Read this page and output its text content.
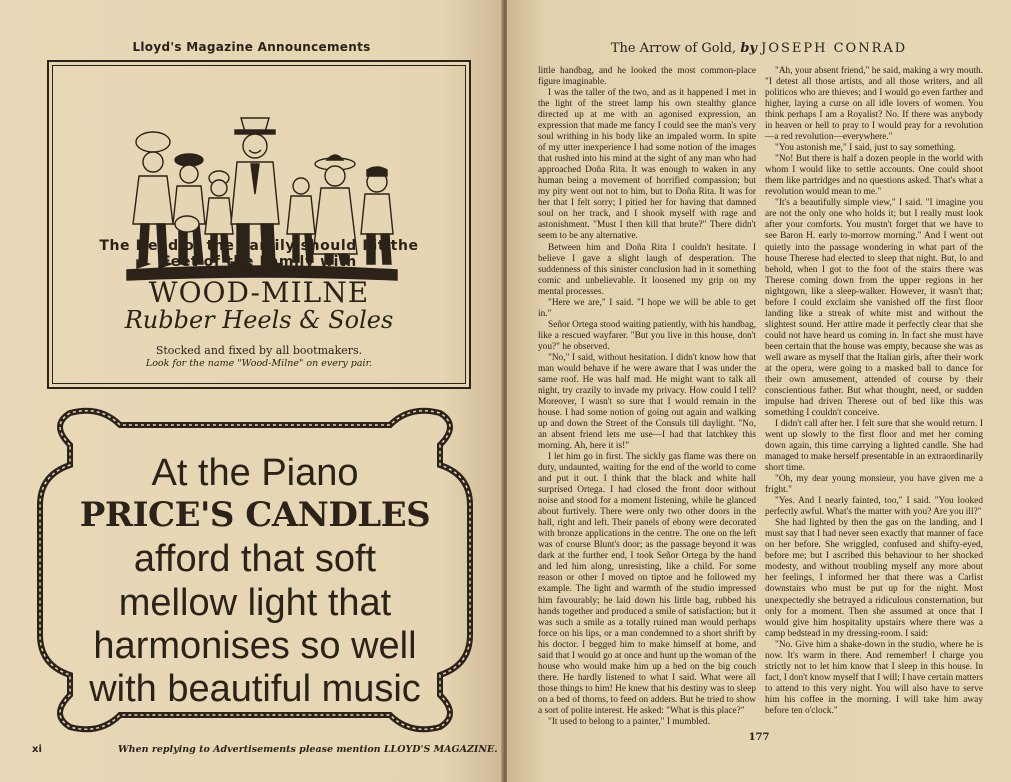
Lloyd's Magazine Announcements
The Head of the Family should Fit the
Feet of the Family with
WOOD-MILNE
Rubber Heels & Soles
Stocked and fixed by all bootmakers.
Look for the name "Wood-Milne" on every pair.
At the Piano
PRICE'S CANDLES
afford that soft
mellow light that
harmonises so well
with beautiful music
xi	When replying to Advertisements please mention LLOYD'S MAGAZINE.
The Arrow of Gold, by JOSEPH CONRAD

little handbag, and he looked the most common-place figure imaginable.

I was the taller of the two, and as it happened I met in the light of the street lamp his own stealthy glance directed up at me with an agonised expression, an expression that made me fancy I could see the man's very soul writhing in his body like an impaled worm. In spite of my utter inexperience I had some notion of the images that rushed into his mind at the sight of any man who had approached Doña Rita. It was enough to waken in any human being a movement of horrified compassion; but my pity went out not to him, but to Doña Rita. It was for her that I felt sorry; I pitied her for having that damned soul on her track, and I shook myself with rage and astonishment. "Must I then kill that brute?" There didn't seem to be any alternative.

Between him and Doña Rita I couldn't hesitate. I believe I gave a slight laugh of desperation. The suddenness of this sinister conclusion had in it something comic and unbelievable. It loosened my grip on my mental processes.

"Here we are," I said. "I hope we will be able to get in."

Señor Ortega stood waiting patiently, with his handbag, like a rescued wayfarer. "But you live in this house, don't you?" he observed.

"No," I said, without hesitation. I didn't know how that man would behave if he were aware that I was under the same roof. He was half mad. He might want to talk all night, try crazily to invade my privacy. How could I tell? Moreover, I wasn't so sure that I would remain in the house. I had some notion of going out again and walking up and down the Street of the Consuls till daylight. "No, an absent friend lets me use—I had that latchkey this morning. Ah, here it is!"

I let him go in first. The sickly gas flame was there on duty, undaunted, waiting for the end of the world to come and put it out. I think that the black and white hall surprised Ortega. I had closed the front door without noise and stood for a moment listening, while he glanced about furtively. There were only two other doors in the hall, right and left. Their panels of ebony were decorated with bronze applications in the centre. The one on the left was of course Blunt's door; as the passage beyond it was dark at the further end, I took Señor Ortega by the hand and led him along, unresisting, like a child. For some reason or other I moved on tiptoe and he followed my example. The light and warmth of the studio impressed him favourably; he laid down his little bag, rubbed his hands together and produced a smile of satisfaction; but it was such a smile as a totally ruined man would perhaps force on his lips, or a man condemned to a short shrift by his doctor. I begged him to make himself at home, and said that I would go at once and hunt up the woman of the house who would make him up a bed on the big couch there. He hardly listened to what I said. What were all those things to him! He knew that his destiny was to sleep on a bed of thorns, to feed on adders. But he tried to show a sort of polite interest. He asked: "What is this place?"

"It used to belong to a painter," I mumbled.

"Ah, your absent friend," he said, making a wry mouth. "I detest all those artists, and all those writers, and all politicos who are thieves; and I would go even farther and higher, laying a curse on all idle lovers of women. You think perhaps I am a Royalist? No. If there was anybody in heaven or hell to pray to I would pray for a revolution—a red revolution—everywhere."

"You astonish me," I said, just to say something.

"No! But there is half a dozen people in the world with whom I would like to settle accounts. One could shoot them like partridges and no questions asked. That's what a revolution would mean to me."

"It's a beautifully simple view," I said. "I imagine you are not the only one who holds it; but I really must look after your comforts. You mustn't forget that we have to see Baron H. early to-morrow morning." And I went out quietly into the passage wondering in what part of the house Therese had elected to sleep that night. But, lo and behold, when I got to the foot of the stairs there was Therese coming down from the upper regions in her nightgown, like a sleep-walker. However, it wasn't that; before I could exclaim she vanished off the first floor landing like a streak of white mist and without the slightest sound. Her attire made it perfectly clear that she could not have heard us coming in. In fact she must have been certain that the house was empty, because she was as well aware as myself that the Italian girls, after their work at the opera, were going to a masked ball to dance for their own amusement, attended of course by their conscientious father. But what thought, need, or sudden impulse had driven Therese out of bed like this was something I couldn't conceive.

I didn't call after her. I felt sure that she would return. I went up slowly to the first floor and met her coming down again, this time carrying a lighted candle. She had managed to make herself presentable in an extraordinarily short time.

"Oh, my dear young monsieur, you have given me a fright."

"Yes. And I nearly fainted, too," I said. "You looked perfectly awful. What's the matter with you? Are you ill?"

She had lighted by then the gas on the landing, and I must say that I had never seen exactly that manner of face on her before. She wriggled, confused and shifty-eyed, before me; but I ascribed this behaviour to her shocked modesty, and without troubling myself any more about her feelings, I informed her that there was a Carlist downstairs who must be put up for the night. Most unexpectedly she betrayed a ridiculous consternation, but only for a moment. Then she assumed at once that I would give him hospitality upstairs where there was a camp bedstead in my dressing-room. I said:

"No. Give him a shake-down in the studio, where he is now. It's warm in there. And remember! I charge you strictly not to let him know that I sleep in this house. In fact, I don't know myself that I will; I have certain matters to attend to this very night. You will also have to serve him his coffee in the morning. I will take him away before ten o'clock."

177
